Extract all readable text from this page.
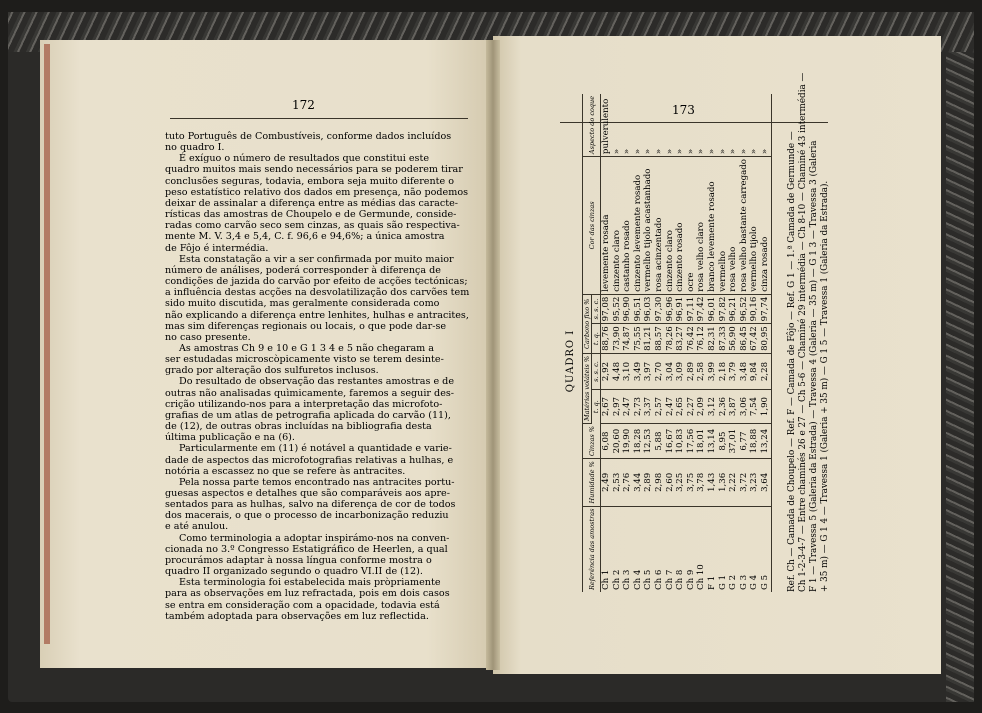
172	173
tuto Português de Combustíveis, conforme dados incluídos
no quadro I.
É exíguo o número de resultados que constitui este
quadro muitos mais sendo necessários para se poderem tirar
conclusões seguras, todavia, embora seja muito diferente o
peso estatístico relativo dos dados em presença, não podemos
deixar de assinalar a diferença entre as médias das caracte-
rísticas das amostras de Choupelo e de Germunde, conside-
radas como carvão seco sem cinzas, as quais são respectiva-
mente M. V. 3,4 e 5,4, C. f. 96,6 e 94,6%; a única amostra
de Fôjo é intermédia.
Esta constatação a vir a ser confirmada por muito maior
número de análises, poderá corresponder à diferença de
condições de jazida do carvão por efeito de acções tectónicas;
a influência destas acções na desvolatilização dos carvões tem
sido muito discutida, mas geralmente considerada como
não explicando a diferença entre lenhites, hulhas e antracites,
mas sim diferenças regionais ou locais, o que pode dar-se
no caso presente.
As amostras Ch 9 e 10 e G 1 3 4 e 5 não chegaram a
ser estudadas microscòpicamente visto se terem desinte-
grado por alteração dos sulfuretos inclusos.
Do resultado de observação das restantes amostras e de
outras não analisadas quìmicamente, faremos a seguir des-
crição utilizando-nos para a interpretação das microfoto-
grafias de um atlas de petrografia aplicada do carvão (11),
de (12), de outras obras incluídas na bibliografia desta
última publicação e na (6).
Particularmente em (11) é notável a quantidade e varie-
dade de aspectos das microfotografias relativas a hulhas, e
notória a escassez no que se refere às antracites.
Pela nossa parte temos encontrado nas antracites portu-
guesas aspectos e detalhes que são comparáveis aos apre-
sentados para as hulhas, salvo na diferença de cor de todos
dos macerais, o que o processo de incarbonização reduziu
e até anulou.
Como terminologia a adoptar inspirámo-nos na conven-
cionada no 3.º Congresso Estatigráfico de Heerlen, a qual
procurámos adaptar à nossa língua conforme mostra o
quadro II organizado segundo o quadro VI.II de (12).
Esta terminologia foi estabelecida mais pròpriamente
para as observações em luz refractada, pois em dois casos
se entra em consideração com a opacidade, todavia está
também adoptada para observações em luz reflectida.
QUADRO I
Referência das amostras	Humidade %	Cinzas %	Matérias voláteis %		Carbono fixo %		Cor das cinzas	Aspecto do coque
			t. q.	s. s. c.	t. q.	s. s. c.		
Ch 1	2,49	6,08	2,67	2,92	88,76	97,08	levemente rosada	pulverulento
Ch 2	2,53	20,60	2,97	4,48	73,90	95,52	cinzento claro	»
Ch 3	2,76	19,90	2,47	3,10	74,87	96,90	castanho rosado	»
Ch 4	3,44	18,28	2,73	3,49	75,55	96,51	cinzento levemente rosado	»
Ch 5	2,89	12,53	3,37	3,97	81,21	96,03	vermelho tijolo acastanhado	»
Ch 6	2,98	5,88	2,57	2,70	88,57	97,30	rosa acinzentado	»
Ch 7	2,60	16,67	2,47	3,04	78,26	96,96	cinzento claro	»
Ch 8	3,25	10,83	2,65	3,09	83,27	96,91	cinzento rosado	»
Ch 9	3,75	17,56	2,27	2,89	76,42	97,11	ocre	»
Ch 10	3,78	18,01	2,09	2,58	76,12	97,42	rosa velho claro	»
F 1	1,43	13,14	3,12	3,99	82,31	96,01	branco levemente rosado	»
G 1	1,36	8,95	2,36	2,18	87,33	97,82	vermelho	»
G 2	2,22	37,01	3,87	3,79	56,90	96,21	rosa velho	»
G 3	3,72	6,77	3,06	3,48	86,45	96,52	rosa velho bastante carregado	»
G 4	3,23	18,88	7,54	9,84	67,42	90,16	vermelho tijolo	»
G 5	3,64	13,24	1,90	2,28	80,95	97,74	cinza rosado	» Ref. Ch — Camada de Choupelo — Ref. F — Camada de Fôjo — Ref. G 1 — 1.ª Camada de Germunde — Ch 1-2-3-4-7 — Entre chaminés 26 e 27 — Ch 5-6 — Chaminé 29 intermédia — Ch 8-10 — Chaminé 43 intermédia — F 1 — Travessa 5 (Galeria da Estrada) — Travessa 4 (Galeria — 35 m) — G 1 3 — Travessa 3 (Galeria + 35 m) — G 1 4 — Travessa 1 (Galeria + 35 m) — G 1 5 — Travessa 1 (Galeria da Estrada).
